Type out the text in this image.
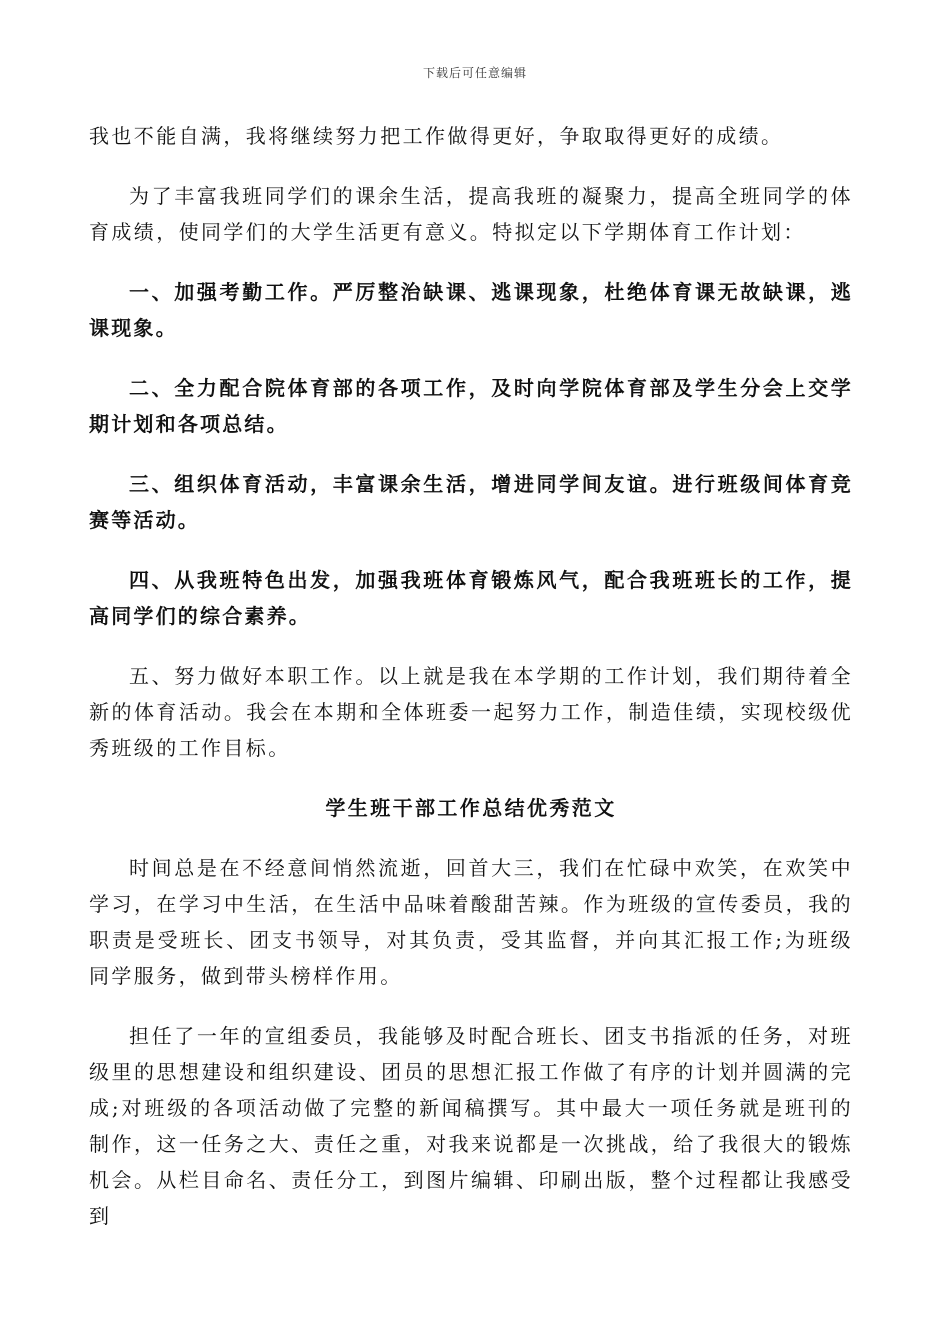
下载后可任意编辑

我也不能自满，我将继续努力把工作做得更好，争取取得更好的成绩。

为了丰富我班同学们的课余生活，提高我班的凝聚力，提高全班同学的体育成绩，使同学们的大学生活更有意义。特拟定以下学期体育工作计划：

一、加强考勤工作。严厉整治缺课、逃课现象，杜绝体育课无故缺课，逃课现象。

二、全力配合院体育部的各项工作，及时向学院体育部及学生分会上交学期计划和各项总结。

三、组织体育活动，丰富课余生活，增进同学间友谊。进行班级间体育竞赛等活动。

四、从我班特色出发，加强我班体育锻炼风气，配合我班班长的工作，提高同学们的综合素养。

五、努力做好本职工作。以上就是我在本学期的工作计划，我们期待着全新的体育活动。我会在本期和全体班委一起努力工作，制造佳绩，实现校级优秀班级的工作目标。

学生班干部工作总结优秀范文

时间总是在不经意间悄然流逝，回首大三，我们在忙碌中欢笑，在欢笑中学习，在学习中生活，在生活中品味着酸甜苦辣。作为班级的宣传委员，我的职责是受班长、团支书领导，对其负责，受其监督，并向其汇报工作;为班级同学服务，做到带头榜样作用。

担任了一年的宣组委员，我能够及时配合班长、团支书指派的任务，对班级里的思想建设和组织建设、团员的思想汇报工作做了有序的计划并圆满的完成;对班级的各项活动做了完整的新闻稿撰写。其中最大一项任务就是班刊的制作，这一任务之大、责任之重，对我来说都是一次挑战，给了我很大的锻炼机会。从栏目命名、责任分工，到图片编辑、印刷出版，整个过程都让我感受到
